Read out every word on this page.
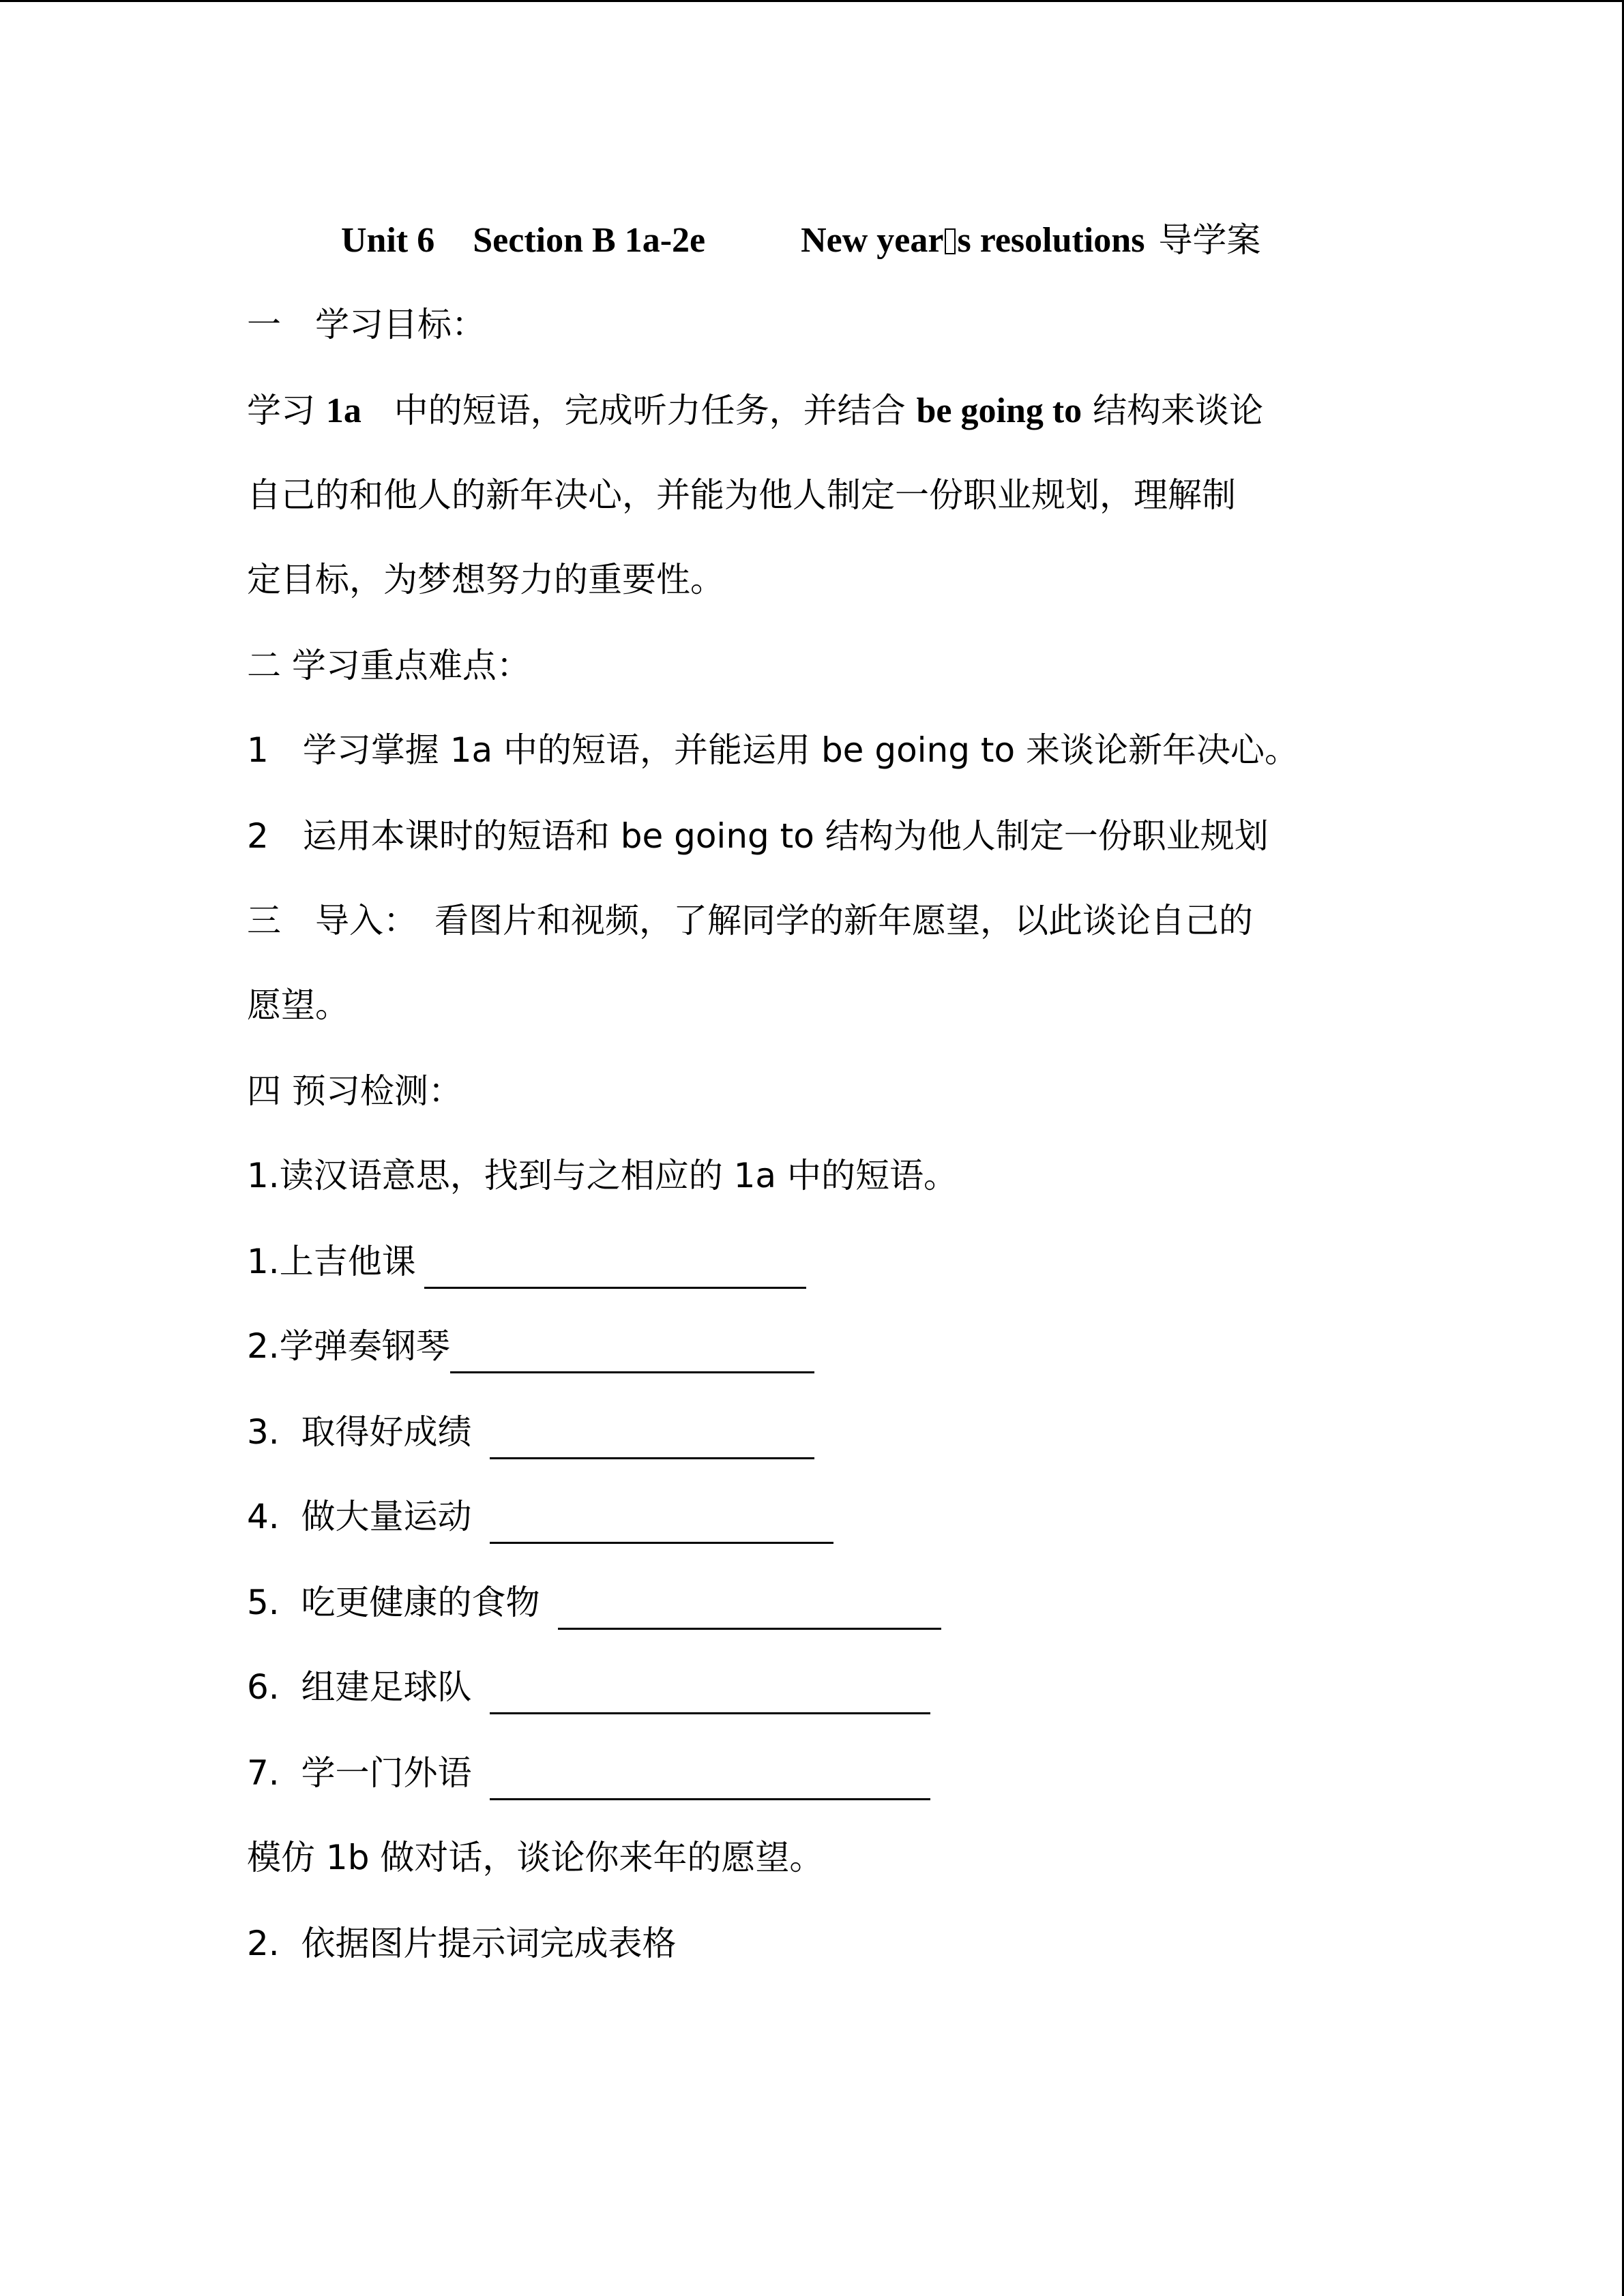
Unit 6 Section B 1a-2e	New year s resolutions 导学案
一　学习目标：
学习 1a 中的短语，完成听力任务，并结合 be going to 结构来谈论
自己的和他人的新年决心，并能为他人制定一份职业规划，理解制
定目标，为梦想努力的重要性。
二 学习重点难点：
1　学习掌握 1a 中的短语，并能运用 be going to 来谈论新年决心。
2　运用本课时的短语和 be going to 结构为他人制定一份职业规划
三　导入：　看图片和视频，了解同学的新年愿望，以此谈论自己的
愿望。
四 预习检测：
1.读汉语意思，找到与之相应的 1a 中的短语。
1.上吉他课
2.学弹奏钢琴
3.  取得好成绩
4.  做大量运动
5.  吃更健康的食物
6.  组建足球队
7.  学一门外语
模仿 1b 做对话，谈论你来年的愿望。
2.  依据图片提示词完成表格
